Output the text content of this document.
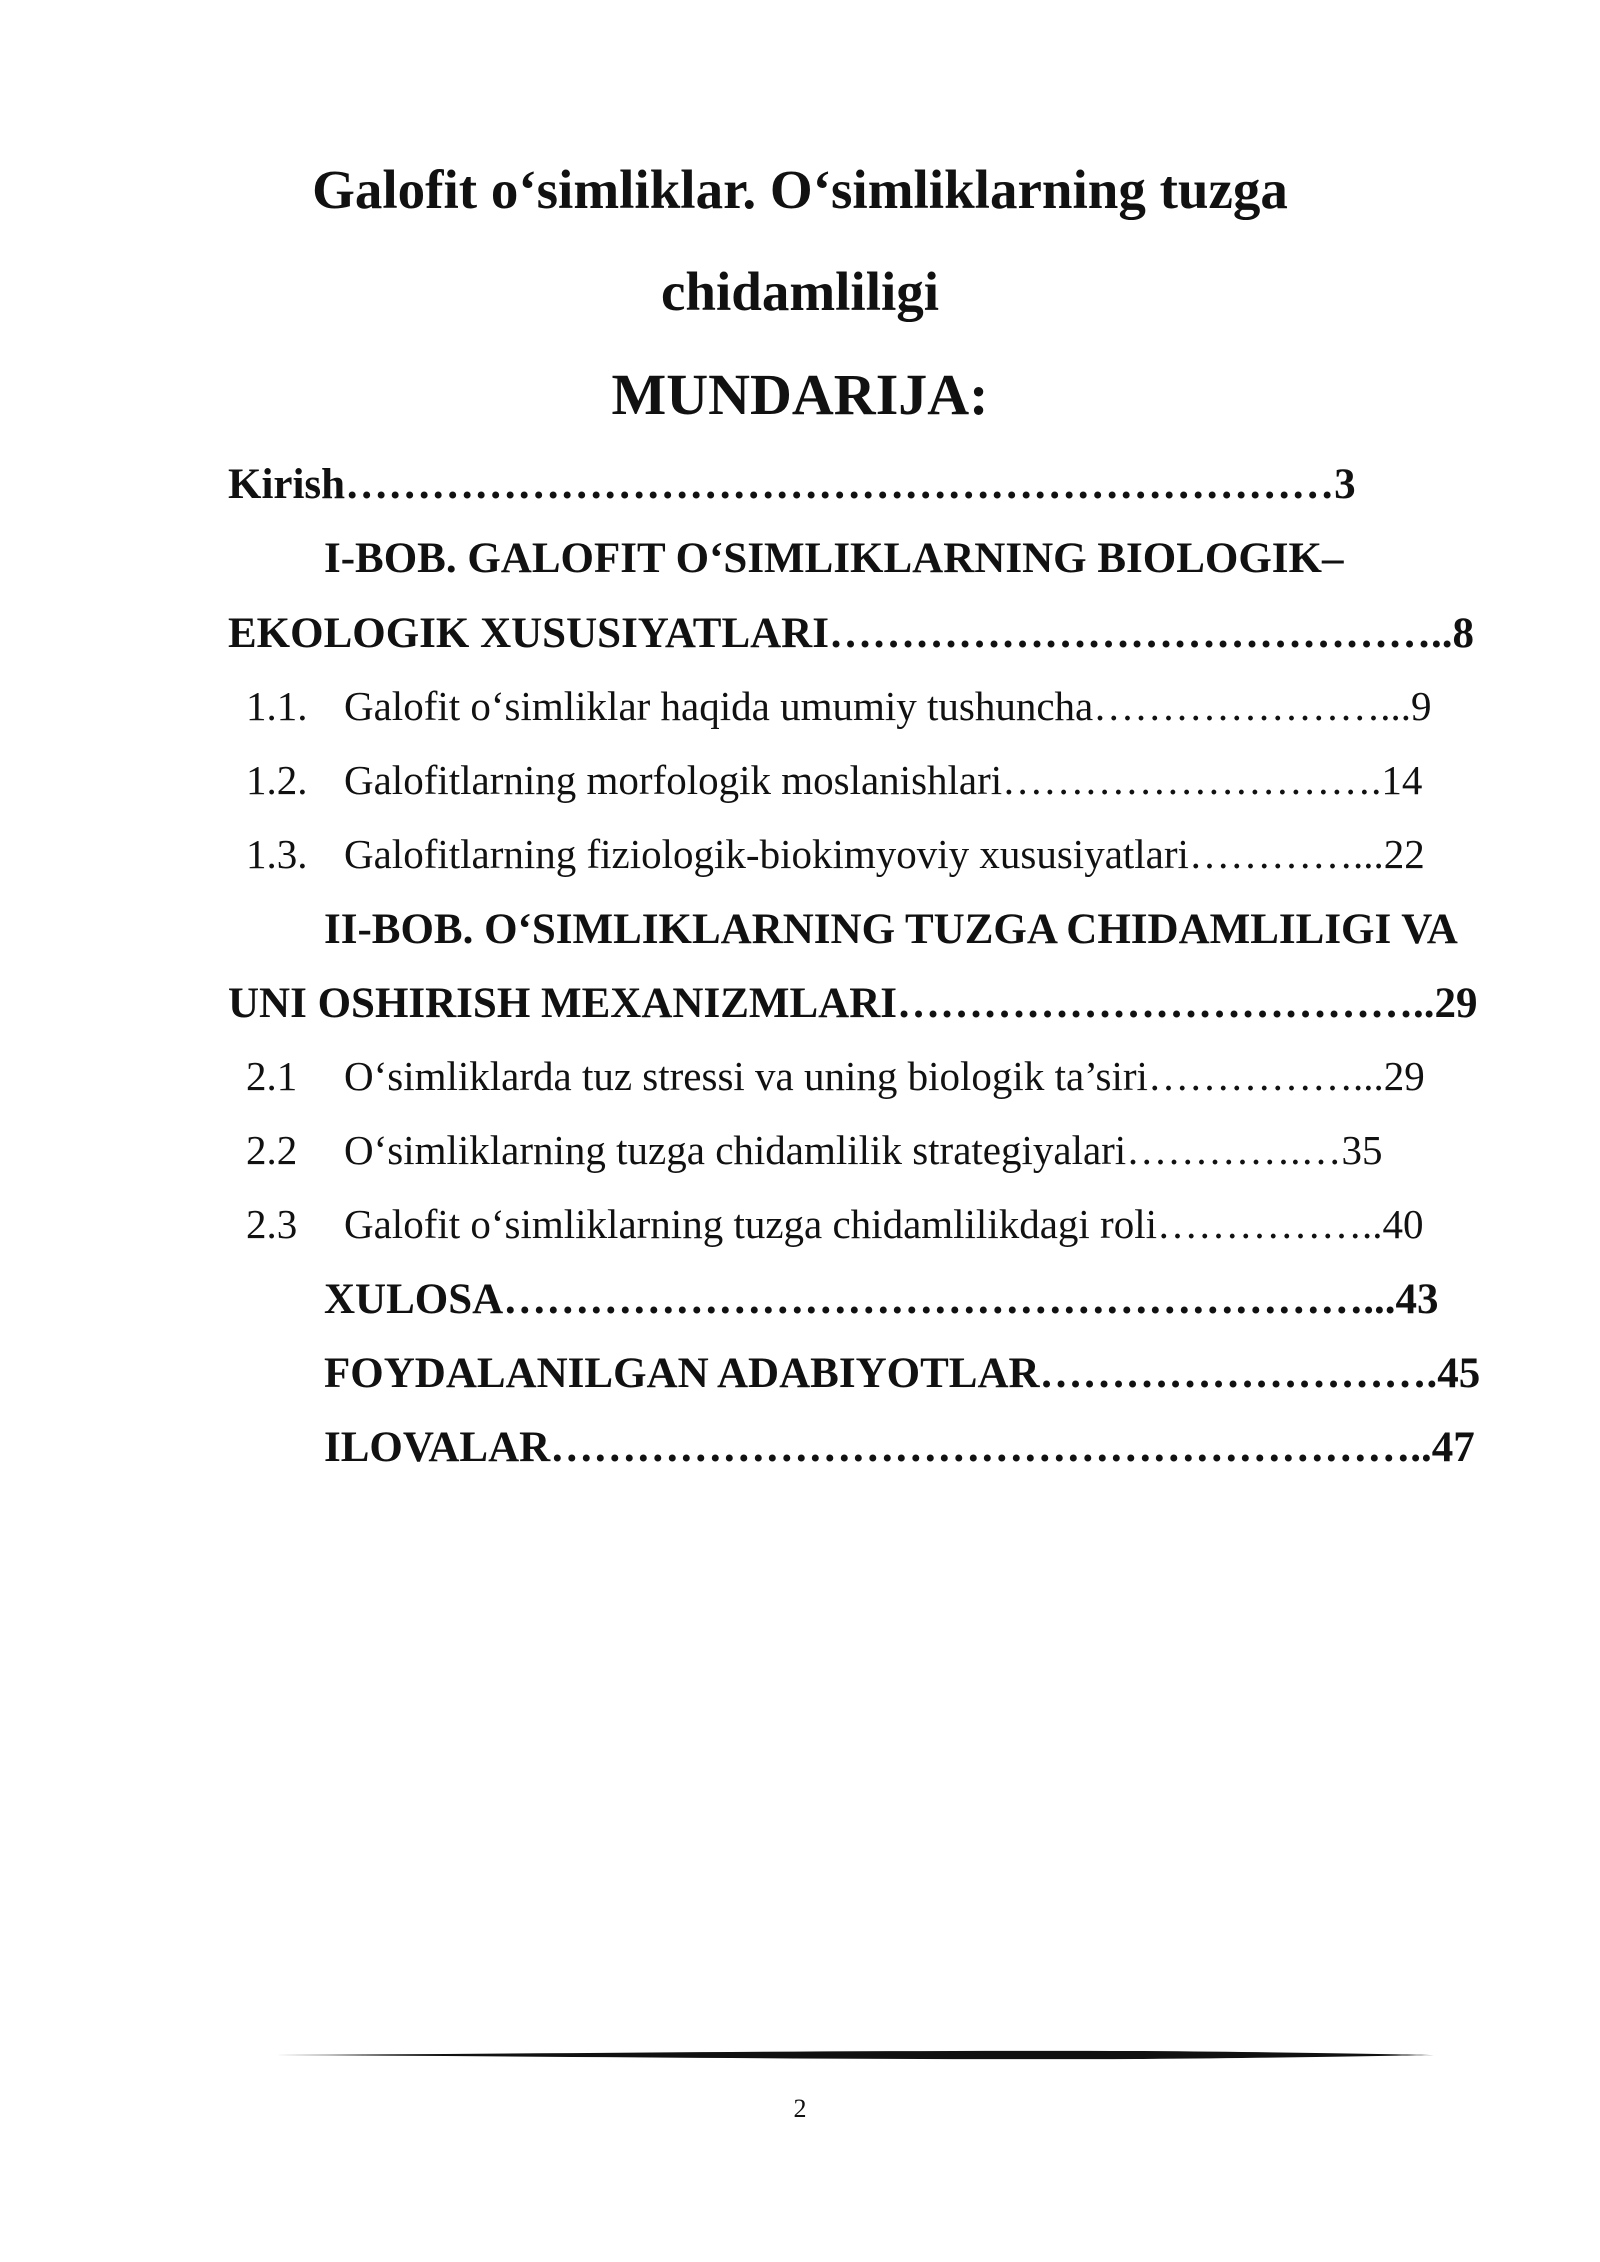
Galofit o‘simliklar. O‘simliklarning tuzga
chidamliligi
MUNDARIJA:
Kirish……………………………………………………………3
I-BOB. GALOFIT O‘SIMLIKLARNING BIOLOGIK–
EKOLOGIK XUSUSIYATLARI……………………………………..8
1.1. Galofit o‘simliklar haqida umumiy tushuncha…………………...9
1.2. Galofitlarning morfologik moslanishlari……………………….14
1.3. Galofitlarning fiziologik-biokimyoviy xususiyatlari…………...22
II-BOB. O‘SIMLIKLARNING TUZGA CHIDAMLILIGI VA
UNI OSHIRISH MEXANIZMLARI………………………………..29
2.1 O‘simliklarda tuz stressi va uning biologik ta’siri……………...29
2.2 O‘simliklarning tuzga chidamlilik strategiyalari………….…35
2.3 Galofit o‘simliklarning tuzga chidamlilikdagi roli……………..40
XULOSA……………………………………………………...43
FOYDALANILGAN ADABIYOTLAR……………………….45
ILOVALAR……………………………………………………..47
2
